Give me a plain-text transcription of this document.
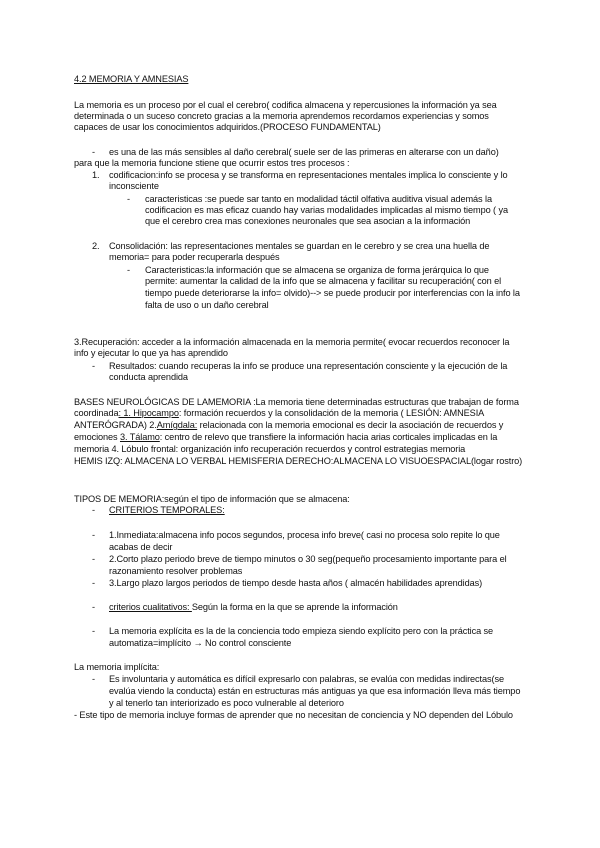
4.2 MEMORIA Y AMNESIAS
La memoria es un proceso por el cual el cerebro( codifica almacena y repercusiones la información ya sea
determinada o un suceso concreto gracias a la memoria aprendemos recordamos experiencias y somos
capaces de usar los conocimientos adquiridos.(PROCESO FUNDAMENTAL)
- es una de las más sensibles al daño cerebral( suele ser de las primeras en alterarse con un daño)
para que la memoria funcione stiene que ocurrir estos tres procesos :
1. codificacion:info se procesa y se transforma en representaciones mentales implica lo consciente y lo
inconsciente
- caracteristicas :se puede sar tanto en modalidad táctil olfativa auditiva visual además la
codificacion es mas eficaz cuando hay varias modalidades implicadas al mismo tiempo ( ya
que el cerebro crea mas conexiones neuronales que sea asocian a la información
2. Consolidación: las representaciones mentales se guardan en le cerebro y se crea una huella de
memoria= para poder recuperarla después
- Caracteristicas:la información que se almacena se organiza de forma jerárquica lo que
permite: aumentar la calidad de la info que se almacena y facilitar su recuperación( con el
tiempo puede deteriorarse la info= olvido)--> se puede producir por interferencias con la info la
falta de uso o un daño cerebral
3.Recuperación: acceder a la información almacenada en la memoria permite( evocar recuerdos reconocer la
info y ejecutar lo que ya has aprendido
- Resultados: cuando recuperas la info se produce una representación consciente y la ejecución de la
conducta aprendida
BASES NEUROLÓGICAS DE LAMEMORIA :La memoria tiene determinadas estructuras que trabajan de forma
coordinada: 1. Hipocampo: formación recuerdos y la consolidación de la memoria ( LESIÓN: AMNESIA
ANTERÓGRADA) 2.Amígdala: relacionada con la memoria emocional es decir la asociación de recuerdos y
emociones 3. Tálamo: centro de relevo que transfiere la información hacia arias corticales implicadas en la
memoria 4. Lóbulo frontal: organización info recuperación recuerdos y control estrategias memoria
HEMIS IZQ: ALMACENA LO VERBAL HEMISFERIA DERECHO:ALMACENA LO VISUOESPACIAL(logar rostro)
TIPOS DE MEMORIA:según el tipo de información que se almacena:
- CRITERIOS TEMPORALES:
- 1.Inmediata:almacena info pocos segundos, procesa info breve( casi no procesa solo repite lo que
acabas de decir
- 2.Corto plazo periodo breve de tiempo minutos o 30 seg(pequeño procesamiento importante para el
razonamiento resolver problemas
- 3.Largo plazo largos periodos de tiempo desde hasta años ( almacén habilidades aprendidas)
- criterios cualitativos: Según la forma en la que se aprende la información
- La memoria explícita es la de la conciencia todo empieza siendo explícito pero con la práctica se
automatiza=implícito → No control consciente
La memoria implícita:
- Es involuntaria y automática es difícil expresarlo con palabras, se evalúa con medidas indirectas(se
evalúa viendo la conducta) están en estructuras más antiguas ya que esa información lleva más tiempo
y al tenerlo tan interiorizado es poco vulnerable al deterioro
- Este tipo de memoria incluye formas de aprender que no necesitan de conciencia y NO dependen del Lóbulo
